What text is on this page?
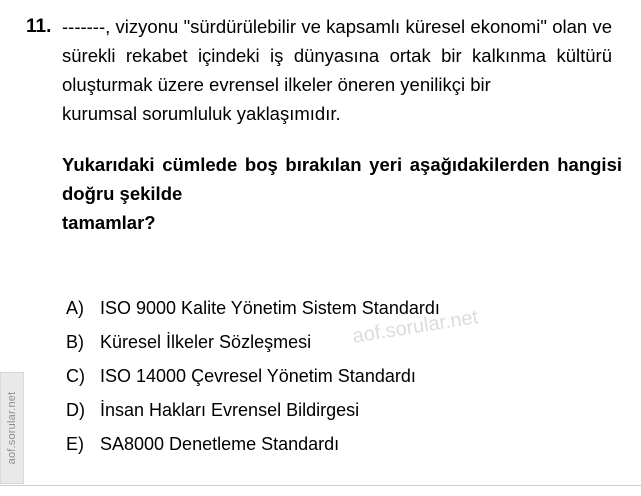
aof.sorular.net
aof.sorular.net
11. -------, vizyonu "sürdürülebilir ve kapsamlı küresel ekonomi" olan ve sürekli rekabet içindeki iş dünyasına ortak bir kalkınma kültürü oluşturmak üzere evrensel ilkeler öneren yenilikçi bir
kurumsal sorumluluk yaklaşımıdır.
Yukarıdaki cümlede boş bırakılan yeri aşağıdakilerden hangisi doğru şekilde
tamamlar?
A) ISO 9000 Kalite Yönetim Sistem Standardı
B) Küresel İlkeler Sözleşmesi
C) ISO 14000 Çevresel Yönetim Standardı
D) İnsan Hakları Evrensel Bildirgesi
E) SA8000 Denetleme Standardı
